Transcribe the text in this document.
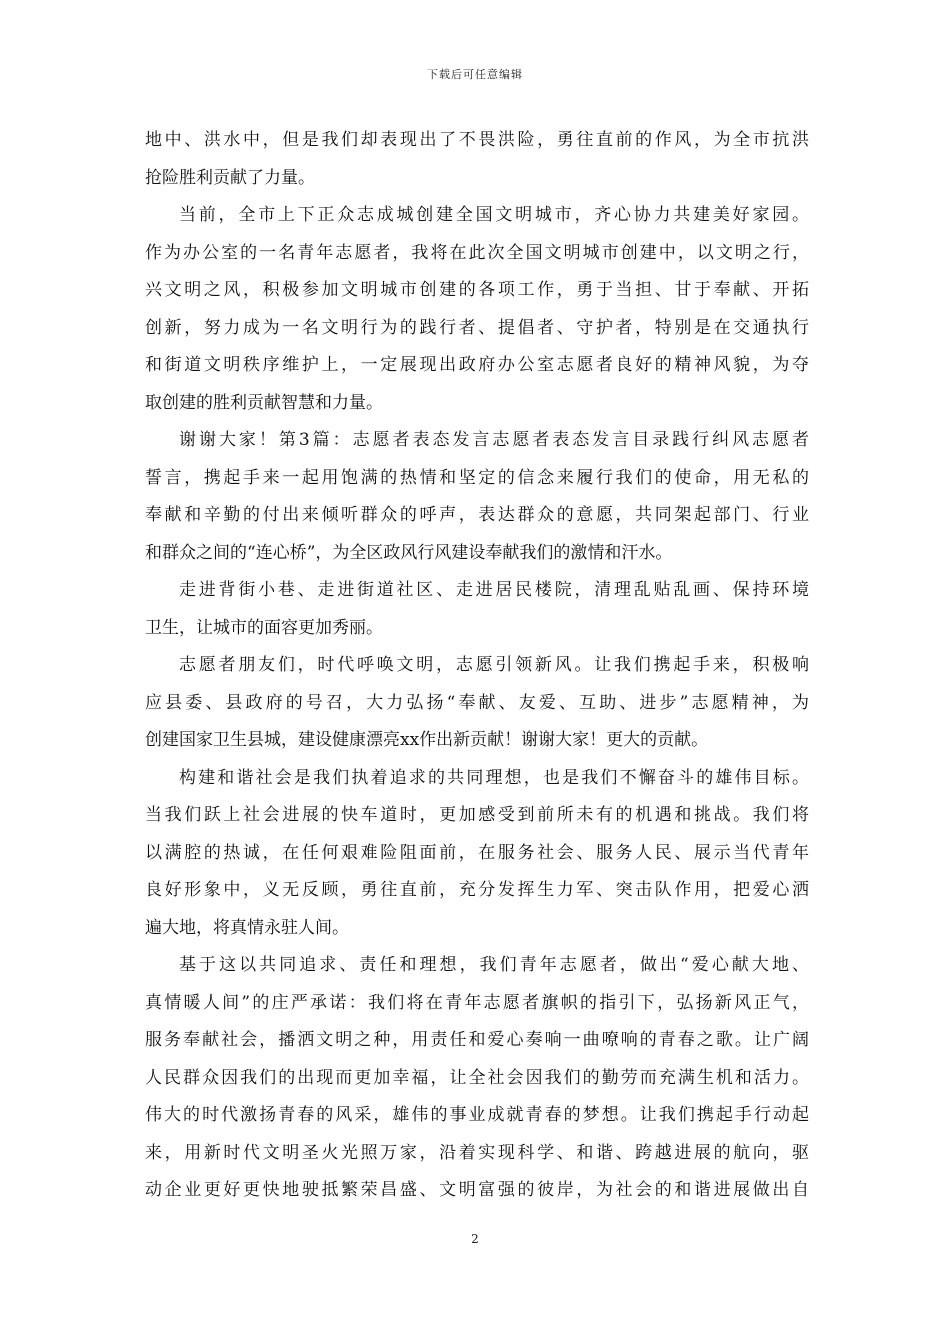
下载后可任意编辑
地中、洪水中，但是我们却表现出了不畏洪险，勇往直前的作风，为全市抗洪
抢险胜利贡献了力量。
当前，全市上下正众志成城创建全国文明城市，齐心协力共建美好家园。
作为办公室的一名青年志愿者，我将在此次全国文明城市创建中，以文明之行，
兴文明之风，积极参加文明城市创建的各项工作，勇于当担、甘于奉献、开拓
创新，努力成为一名文明行为的践行者、提倡者、守护者，特别是在交通执行
和街道文明秩序维护上，一定展现出政府办公室志愿者良好的精神风貌，为夺
取创建的胜利贡献智慧和力量。
谢谢大家！第3篇：志愿者表态发言志愿者表态发言目录践行纠风志愿者
誓言，携起手来一起用饱满的热情和坚定的信念来履行我们的使命，用无私的
奉献和辛勤的付出来倾听群众的呼声，表达群众的意愿，共同架起部门、行业
和群众之间的“连心桥”，为全区政风行风建设奉献我们的激情和汗水。
走进背街小巷、走进街道社区、走进居民楼院，清理乱贴乱画、保持环境
卫生，让城市的面容更加秀丽。
志愿者朋友们，时代呼唤文明，志愿引领新风。让我们携起手来，积极响
应县委、县政府的号召，大力弘扬“奉献、友爱、互助、进步”志愿精神，为
创建国家卫生县城，建设健康漂亮xx作出新贡献！谢谢大家！更大的贡献。
构建和谐社会是我们执着追求的共同理想，也是我们不懈奋斗的雄伟目标。
当我们跃上社会进展的快车道时，更加感受到前所未有的机遇和挑战。我们将
以满腔的热诚，在任何艰难险阻面前，在服务社会、服务人民、展示当代青年
良好形象中，义无反顾，勇往直前，充分发挥生力军、突击队作用，把爱心洒
遍大地，将真情永驻人间。
基于这以共同追求、责任和理想，我们青年志愿者，做出“爱心献大地、
真情暖人间”的庄严承诺：我们将在青年志愿者旗帜的指引下，弘扬新风正气，
服务奉献社会，播洒文明之种，用责任和爱心奏响一曲嘹响的青春之歌。让广阔
人民群众因我们的出现而更加幸福，让全社会因我们的勤劳而充满生机和活力。
伟大的时代激扬青春的风采，雄伟的事业成就青春的梦想。让我们携起手行动起
来，用新时代文明圣火光照万家，沿着实现科学、和谐、跨越进展的航向，驱
动企业更好更快地驶抵繁荣昌盛、文明富强的彼岸，为社会的和谐进展做出自
2
